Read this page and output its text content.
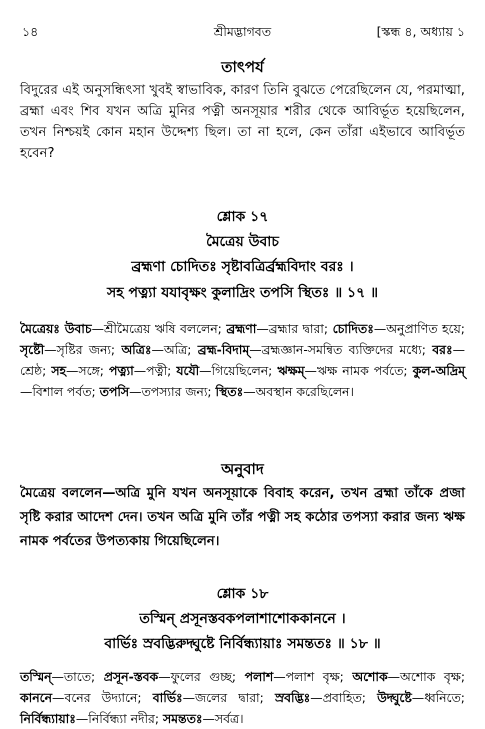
১৪	শ্রীমদ্ভাগবত	[স্কন্ধ ৪, অধ্যায় ১
তাৎপর্য
বিদুরের এই অনুসন্ধিৎসা খুবই স্বাভাবিক, কারণ তিনি বুঝতে পেরেছিলেন যে, পরমাত্মা, ব্রহ্মা এবং শিব যখন অত্রি মুনির পত্নী অনসূয়ার শরীর থেকে আবির্ভূত হয়েছিলেন, তখন নিশ্চয়ই কোন মহান উদ্দেশ্য ছিল। তা না হলে, কেন তাঁরা এইভাবে আবির্ভূত হবেন?
শ্লোক ১৭
মৈত্রেয় উবাচ
ব্রহ্মণা চোদিতঃ সৃষ্টাবত্রির্ব্রহ্মবিদাং বরঃ ।
সহ পত্ন্যা যযাবৃক্ষং কুলাদ্রিং তপসি স্থিতঃ ॥ ১৭ ॥
মৈত্রেয়ঃ উবাচ—শ্রীমৈত্রেয় ঋষি বললেন; ব্রহ্মণা—ব্রহ্মার দ্বারা; চোদিতঃ—অনুপ্রাণিত হয়ে; সৃষ্টৌ—সৃষ্টির জন্য; অত্রিঃ—অত্রি; ব্রহ্ম-বিদাম্—ব্রহ্মজ্ঞান-সমন্বিত ব্যক্তিদের মধ্যে; বরঃ—শ্রেষ্ঠ; সহ—সঙ্গে; পত্ন্যা—পত্নী; যযৌ—গিয়েছিলেন; ঋক্ষম্—ঋক্ষ নামক পর্বতে; কুল-অদ্রিম্—বিশাল পর্বত; তপসি—তপস্যার জন্য; স্থিতঃ—অবস্থান করেছিলেন।
অনুবাদ
মৈত্রেয় বললেন—অত্রি মুনি যখন অনসূয়াকে বিবাহ করেন, তখন ব্রহ্মা তাঁকে প্রজা সৃষ্টি করার আদেশ দেন। তখন অত্রি মুনি তাঁর পত্নী সহ কঠোর তপস্যা করার জন্য ঋক্ষ নামক পর্বতের উপত্যকায় গিয়েছিলেন।
শ্লোক ১৮
তস্মিন্ প্রসূনস্তবকপলাশাশোককাননে ।
বার্ভিঃ স্রবদ্ভিরুদ্ঘুষ্টে নির্বিন্ধ্যায়াঃ সমন্ততঃ ॥ ১৮ ॥
তস্মিন্—তাতে; প্রসূন-স্তবক—ফুলের গুচ্ছ; পলাশ—পলাশ বৃক্ষ; অশোক—অশোক বৃক্ষ; কাননে—বনের উদ্যানে; বার্ভিঃ—জলের দ্বারা; স্রবদ্ভিঃ—প্রবাহিত; উদ্ঘুষ্টে—ধ্বনিতে; নির্বিন্ধ্যায়াঃ—নির্বিন্ধ্যা নদীর; সমন্ততঃ—সর্বত্র।
